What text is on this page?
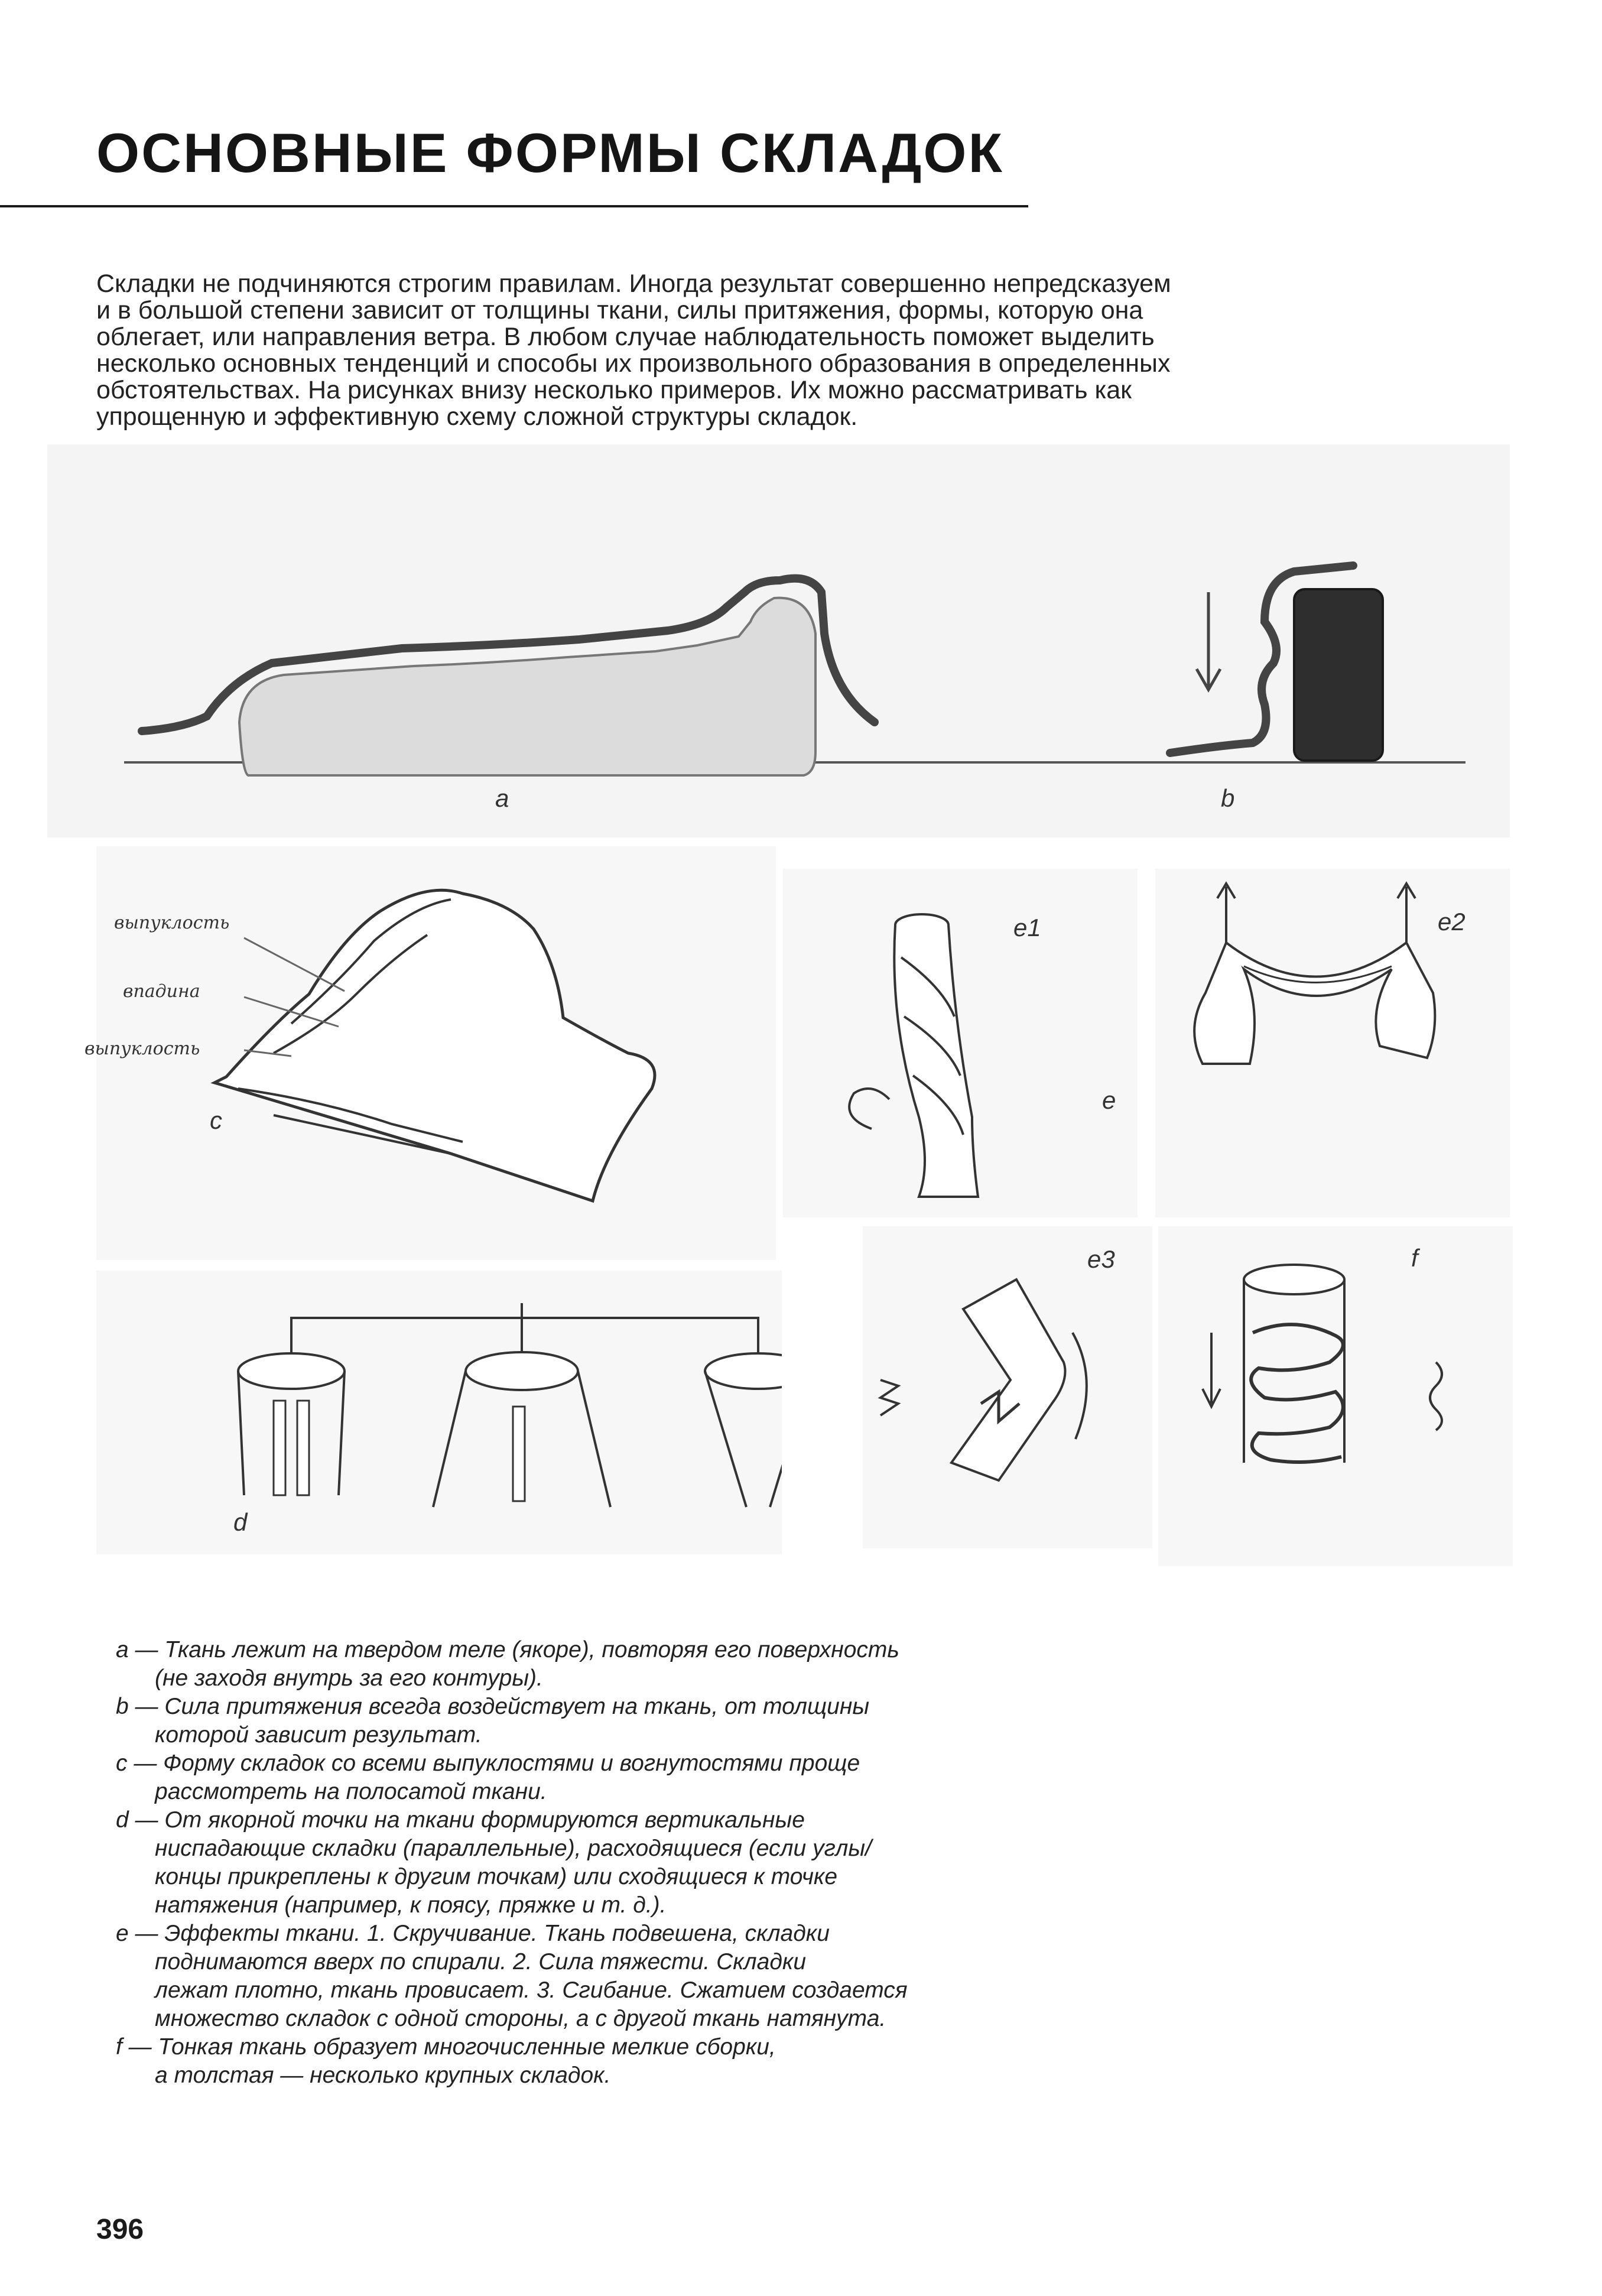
ОСНОВНЫЕ ФОРМЫ СКЛАДОК
Складки не подчиняются строгим правилам. Иногда результат совершенно непредсказуем
и в большой степени зависит от толщины ткани, силы притяжения, формы, которую она
облегает, или направления ветра. В любом случае наблюдательность поможет выделить
несколько основных тенденций и способы их произвольного образования в определенных
обстоятельствах. На рисунках внизу несколько примеров. Их можно рассматривать как
упрощенную и эффективную схему сложной структуры складок.
a	b
выпуклость
впадина
выпуклость
c
e1
e
e2
d
e3	f
a — Ткань лежит на твердом теле (якоре), повторяя его поверхность
(не заходя внутрь за его контуры).
b — Сила притяжения всегда воздействует на ткань, от толщины
которой зависит результат.
c — Форму складок со всеми выпуклостями и вогнутостями проще
рассмотреть на полосатой ткани.
d — От якорной точки на ткани формируются вертикальные
ниспадающие складки (параллельные), расходящиеся (если углы/
концы прикреплены к другим точкам) или сходящиеся к точке
натяжения (например, к поясу, пряжке и т. д.).
e — Эффекты ткани. 1. Скручивание. Ткань подвешена, складки
поднимаются вверх по спирали. 2. Сила тяжести. Складки
лежат плотно, ткань провисает. 3. Сгибание. Сжатием создается
множество складок с одной стороны, а с другой ткань натянута.
f — Тонкая ткань образует многочисленные мелкие сборки,
а толстая — несколько крупных складок.
396
